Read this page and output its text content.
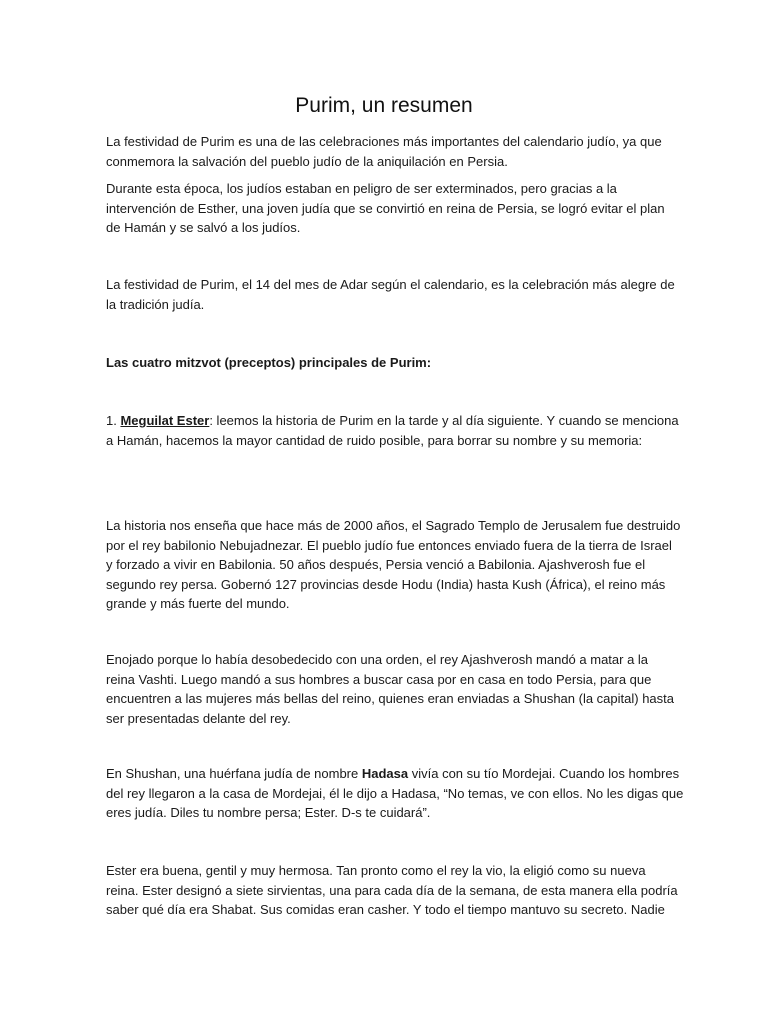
Purim, un resumen

La festividad de Purim es una de las celebraciones más importantes del calendario judío, ya que
conmemora la salvación del pueblo judío de la aniquilación en Persia.

Durante esta época, los judíos estaban en peligro de ser exterminados, pero gracias a la
intervención de Esther, una joven judía que se convirtió en reina de Persia, se logró evitar el plan
de Hamán y se salvó a los judíos.

La festividad de Purim, el 14 del mes de Adar según el calendario, es la celebración más alegre de
la tradición judía.

Las cuatro mitzvot (preceptos) principales de Purim:

1. Meguilat Ester: leemos la historia de Purim en la tarde y al día siguiente. Y cuando se menciona
a Hamán, hacemos la mayor cantidad de ruido posible, para borrar su nombre y su memoria:

La historia nos enseña que hace más de 2000 años, el Sagrado Templo de Jerusalem fue destruido
por el rey babilonio Nebujadnezar. El pueblo judío fue entonces enviado fuera de la tierra de Israel
y forzado a vivir en Babilonia. 50 años después, Persia venció a Babilonia. Ajashverosh fue el
segundo rey persa. Gobernó 127 provincias desde Hodu (India) hasta Kush (África), el reino más
grande y más fuerte del mundo.

Enojado porque lo había desobedecido con una orden, el rey Ajashverosh mandó a matar a la
reina Vashti. Luego mandó a sus hombres a buscar casa por en casa en todo Persia, para que
encuentren a las mujeres más bellas del reino, quienes eran enviadas a Shushan (la capital) hasta
ser presentadas delante del rey.

En Shushan, una huérfana judía de nombre Hadasa vivía con su tío Mordejai. Cuando los hombres
del rey llegaron a la casa de Mordejai, él le dijo a Hadasa, “No temas, ve con ellos. No les digas que
eres judía. Diles tu nombre persa; Ester. D-s te cuidará”.

Ester era buena, gentil y muy hermosa. Tan pronto como el rey la vio, la eligió como su nueva
reina. Ester designó a siete sirvientas, una para cada día de la semana, de esta manera ella podría
saber qué día era Shabat. Sus comidas eran casher. Y todo el tiempo mantuvo su secreto. Nadie
